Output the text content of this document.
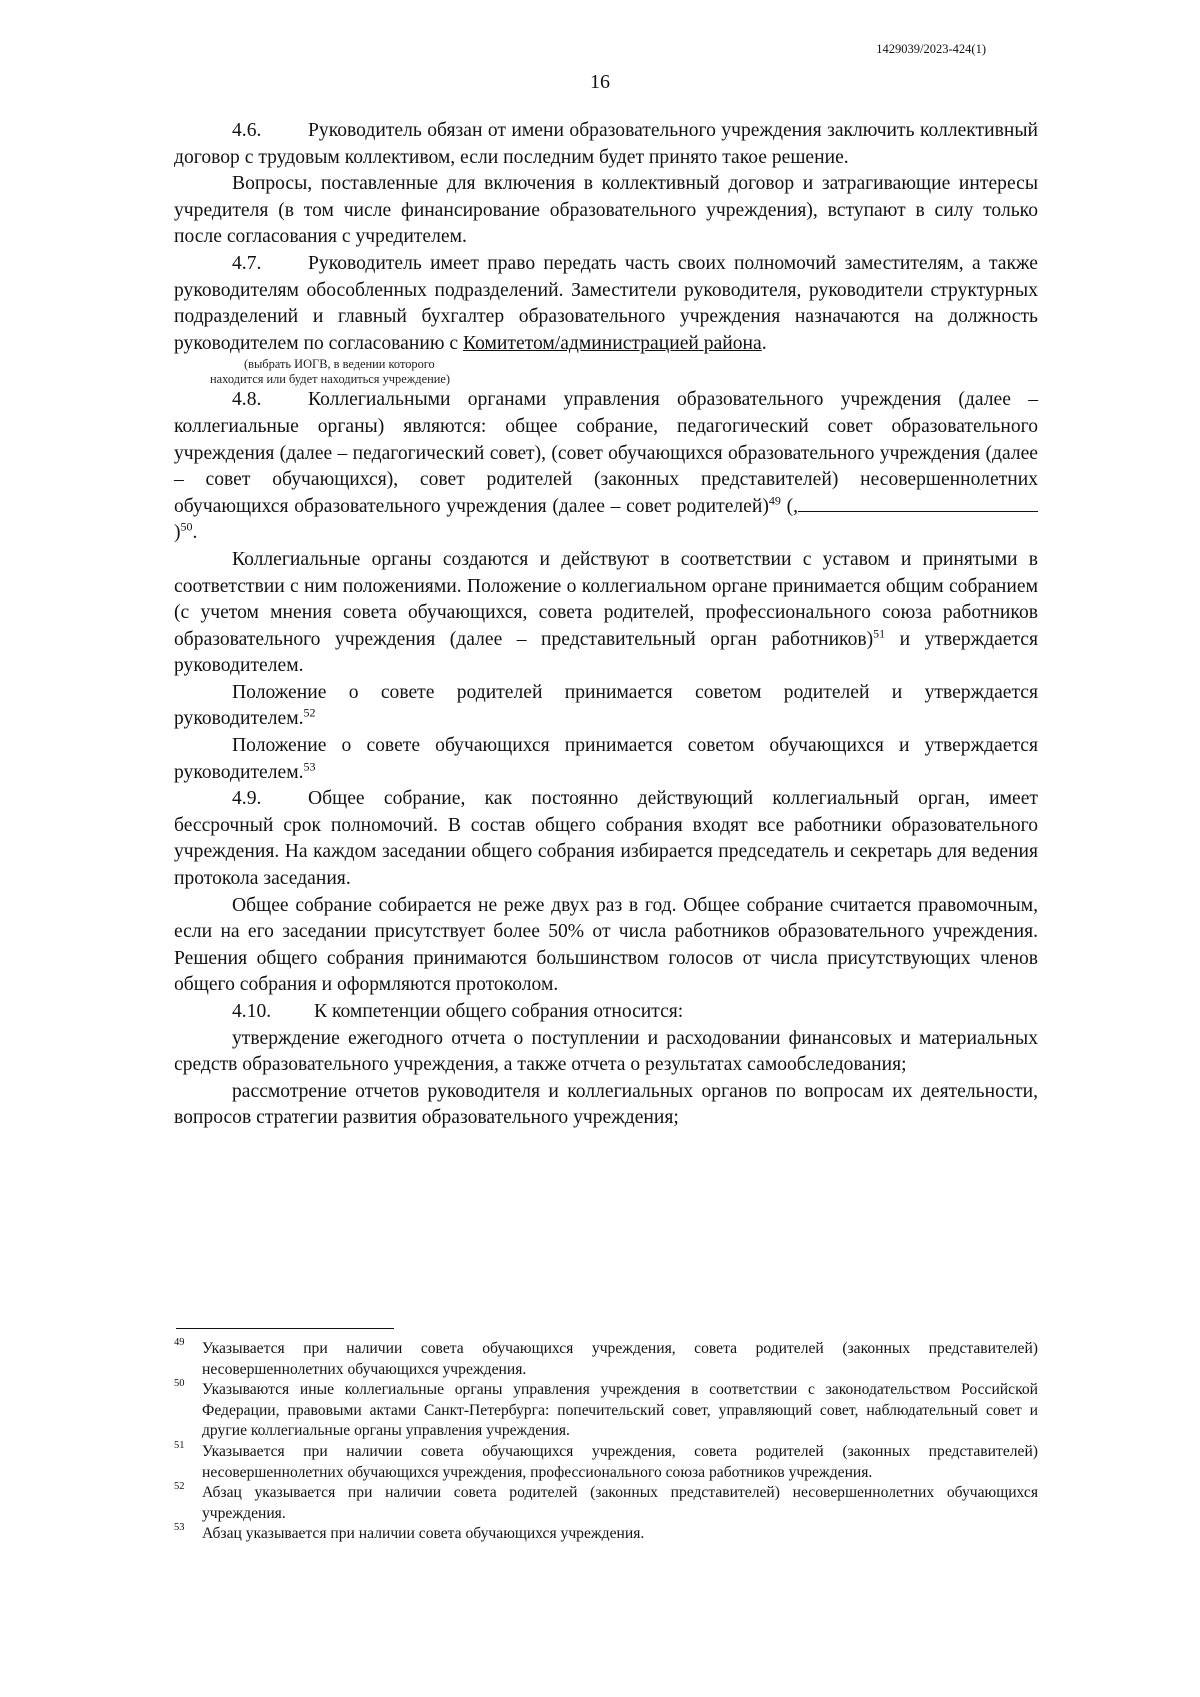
1429039/2023-424(1)
16

4.6. Руководитель обязан от имени образовательного учреждения заключить коллективный договор с трудовым коллективом, если последним будет принято такое решение.

Вопросы, поставленные для включения в коллективный договор и затрагивающие интересы учредителя (в том числе финансирование образовательного учреждения), вступают в силу только после согласования с учредителем.

4.7. Руководитель имеет право передать часть своих полномочий заместителям, а также руководителям обособленных подразделений. Заместители руководителя, руководители структурных подразделений и главный бухгалтер образовательного учреждения назначаются на должность руководителем по согласованию с Комитетом/администрацией района.

(выбрать ИОГВ, в ведении которого
находится или будет находиться учреждение)

4.8. Коллегиальными органами управления образовательного учреждения (далее – коллегиальные органы) являются: общее собрание, педагогический совет образовательного учреждения (далее – педагогический совет), (совет обучающихся образовательного учреждения (далее – совет обучающихся), совет родителей (законных представителей) несовершеннолетних обучающихся образовательного учреждения (далее – совет родителей)$^{49}$ (,)$^{50}$.

Коллегиальные органы создаются и действуют в соответствии с уставом и принятыми в соответствии с ним положениями. Положение о коллегиальном органе принимается общим собранием (с учетом мнения совета обучающихся, совета родителей, профессионального союза работников образовательного учреждения (далее – представительный орган работников)$^{51}$ и утверждается руководителем.

Положение о совете родителей принимается советом родителей и утверждается руководителем.$^{52}$

Положение о совете обучающихся принимается советом обучающихся и утверждается руководителем.$^{53}$

4.9. Общее собрание, как постоянно действующий коллегиальный орган, имеет бессрочный срок полномочий. В состав общего собрания входят все работники образовательного учреждения. На каждом заседании общего собрания избирается председатель и секретарь для ведения протокола заседания.

Общее собрание собирается не реже двух раз в год. Общее собрание считается правомочным, если на его заседании присутствует более 50% от числа работников образовательного учреждения. Решения общего собрания принимаются большинством голосов от числа присутствующих членов общего собрания и оформляются протоколом.

4.10. К компетенции общего собрания относится:

утверждение ежегодного отчета о поступлении и расходовании финансовых и материальных средств образовательного учреждения, а также отчета о результатах самообследования;

рассмотрение отчетов руководителя и коллегиальных органов по вопросам их деятельности, вопросов стратегии развития образовательного учреждения;

49 Указывается при наличии совета обучающихся учреждения, совета родителей (законных представителей) несовершеннолетних обучающихся учреждения.

50 Указываются иные коллегиальные органы управления учреждения в соответствии с законодательством Российской Федерации, правовыми актами Санкт-Петербурга: попечительский совет, управляющий совет, наблюдательный совет и другие коллегиальные органы управления учреждения.

51 Указывается при наличии совета обучающихся учреждения, совета родителей (законных представителей) несовершеннолетних обучающихся учреждения, профессионального союза работников учреждения.

52 Абзац указывается при наличии совета родителей (законных представителей) несовершеннолетних обучающихся учреждения.

53 Абзац указывается при наличии совета обучающихся учреждения.
